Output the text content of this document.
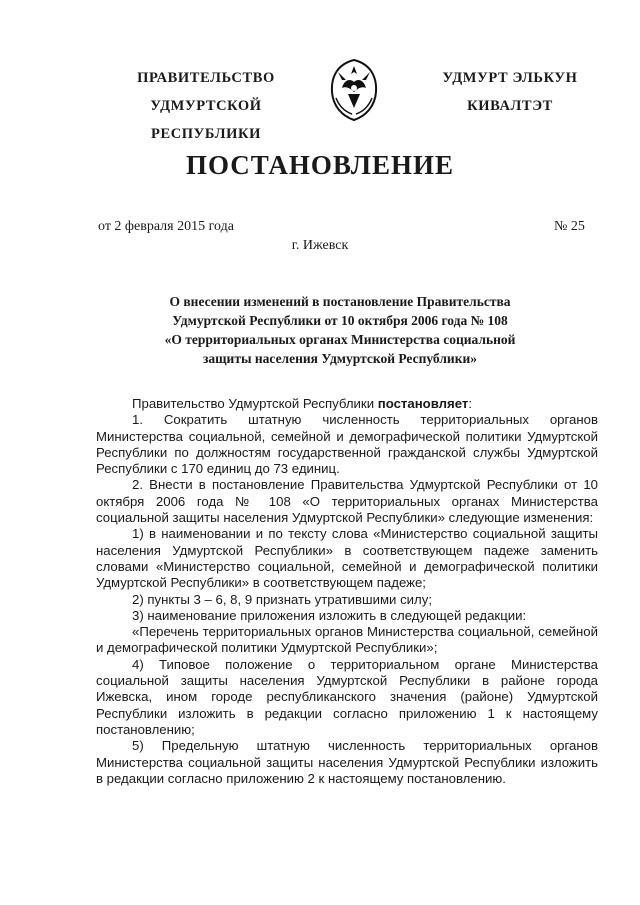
ПРАВИТЕЛЬСТВО
УДМУРТСКОЙ РЕСПУБЛИКИ
УДМУРТ ЭЛЬКУН
КИВАЛТЭТ
ПОСТАНОВЛЕНИЕ
от 2 февраля 2015 года	№ 25
г. Ижевск
О внесении изменений в постановление Правительства
Удмуртской Республики от 10 октября 2006 года № 108
«О территориальных органах Министерства социальной
защиты населения Удмуртской Республики»

Правительство Удмуртской Республики постановляет:

1. Сократить штатную численность территориальных органов Министерства социальной, семейной и демографической политики Удмуртской Республики по должностям государственной гражданской службы Удмуртской Республики с 170 единиц до 73 единиц.

2. Внести в постановление Правительства Удмуртской Республики от 10 октября 2006 года № 108 «О территориальных органах Министерства социальной защиты населения Удмуртской Республики» следующие изменения:

1) в наименовании и по тексту слова «Министерство социальной защиты населения Удмуртской Республики» в соответствующем падеже заменить словами «Министерство социальной, семейной и демографической политики Удмуртской Республики» в соответствующем падеже;

2) пункты 3 – 6, 8, 9 признать утратившими силу;

3) наименование приложения изложить в следующей редакции:

«Перечень территориальных органов Министерства социальной, семейной и демографической политики Удмуртской Республики»;

4) Типовое положение о территориальном органе Министерства социальной защиты населения Удмуртской Республики в районе города Ижевска, ином городе республиканского значения (районе) Удмуртской Республики изложить в редакции согласно приложению 1 к настоящему постановлению;

5) Предельную штатную численность территориальных органов Министерства социальной защиты населения Удмуртской Республики изложить в редакции согласно приложению 2 к настоящему постановлению.
